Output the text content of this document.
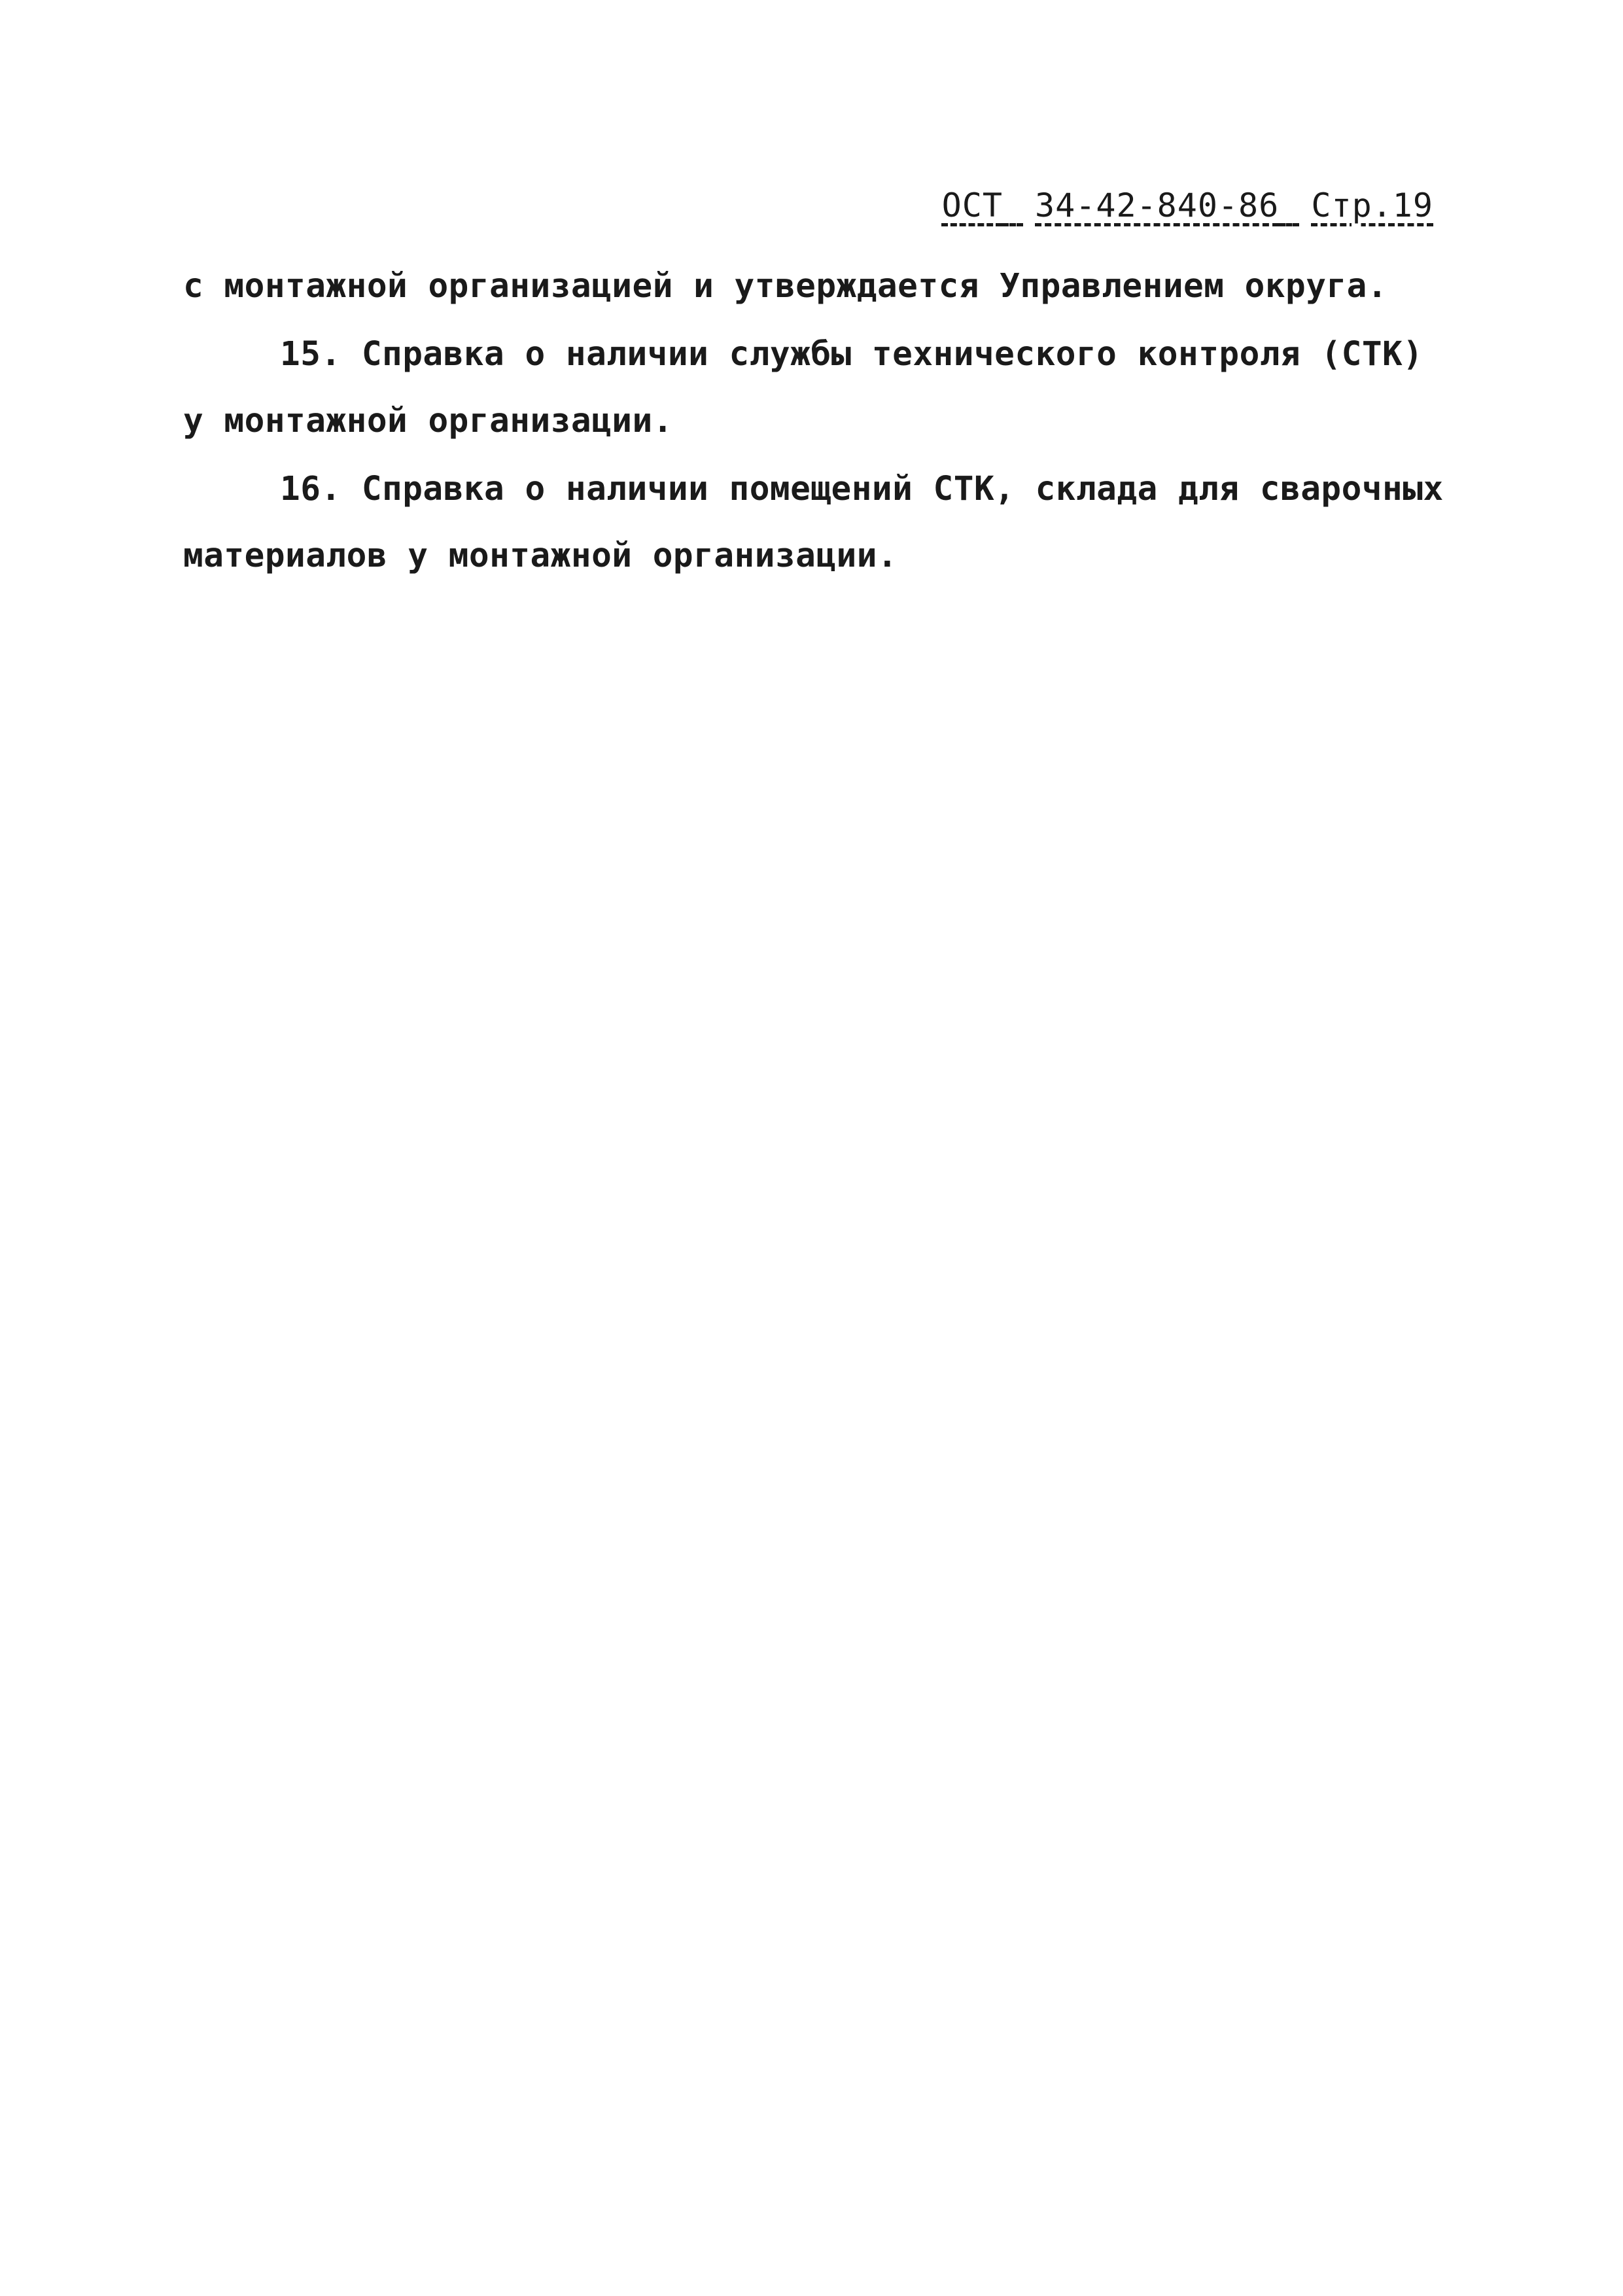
ОСТ 34-42-840-86 Стр.19
с монтажной организацией и утверждается Управлением округа.
15. Справка о наличии службы технического контроля (СТК)
у монтажной организации.
16. Справка о наличии помещений СТК, склада для сварочных
материалов у монтажной организации.
